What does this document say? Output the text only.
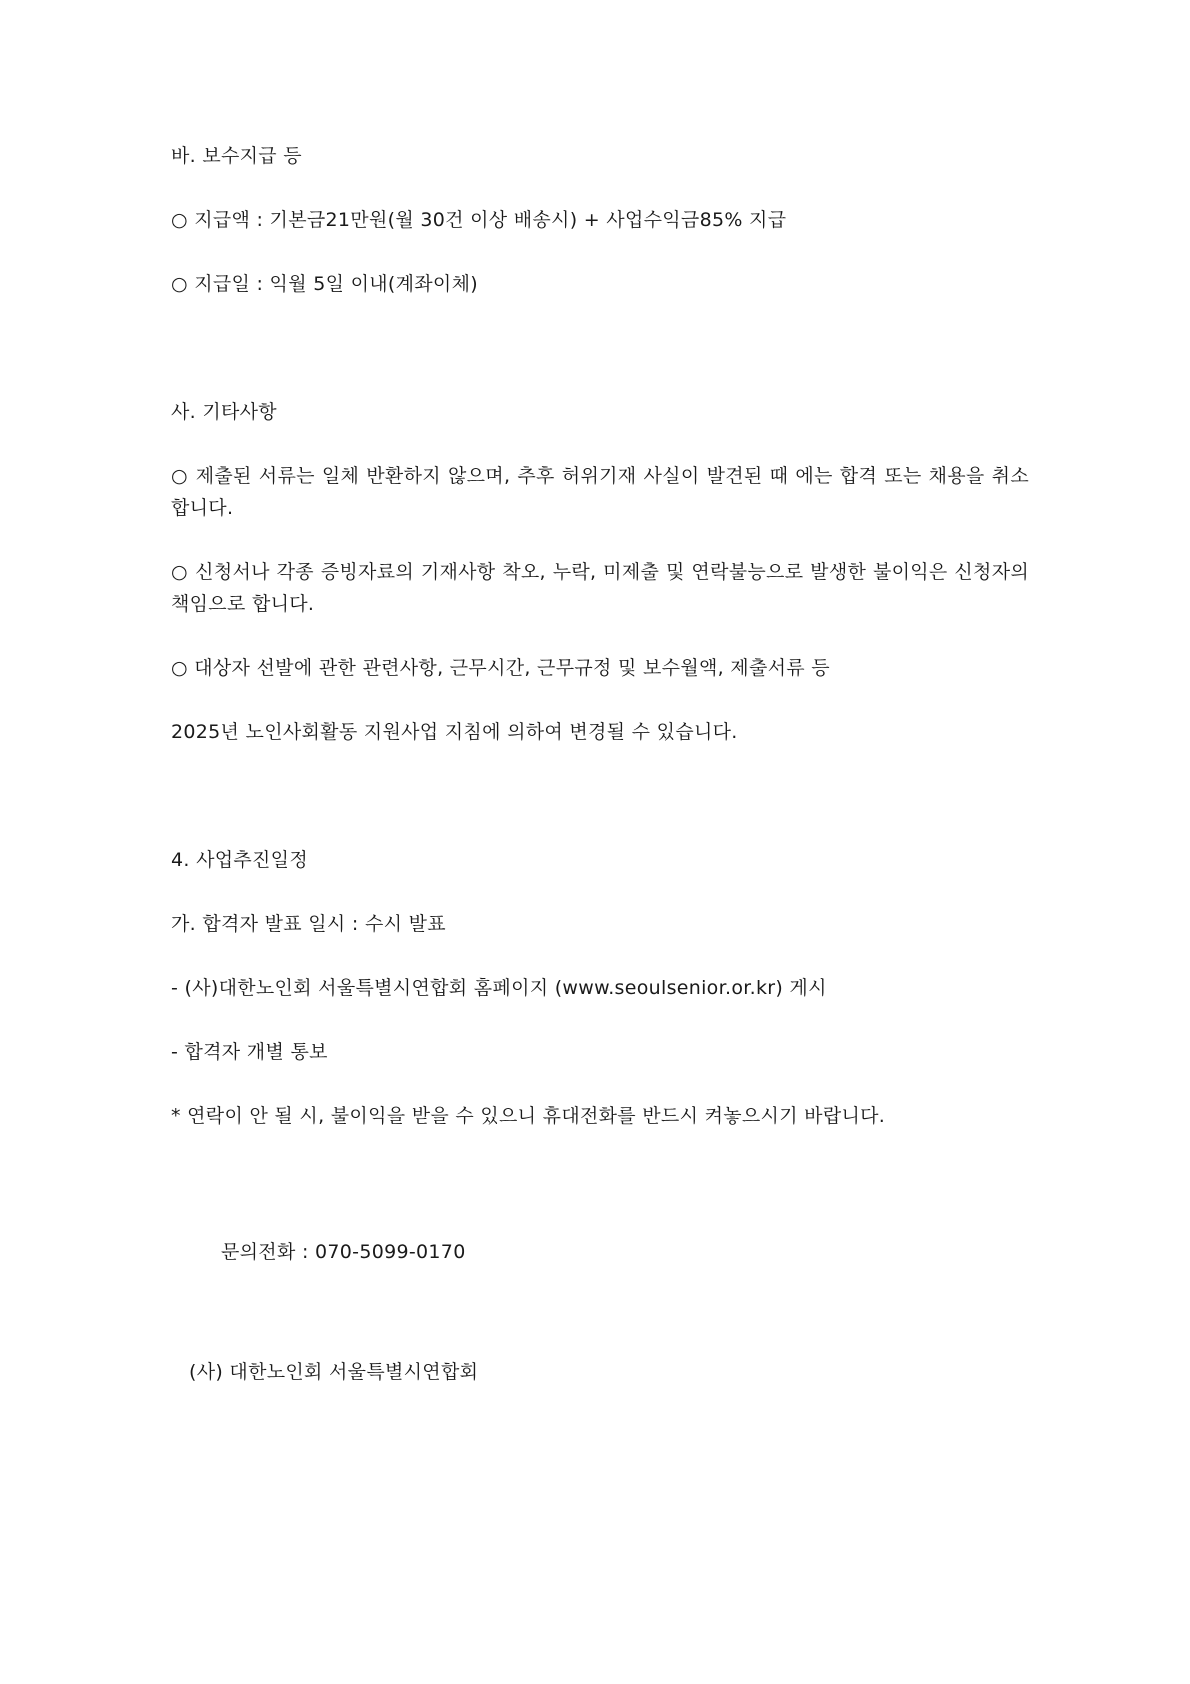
바. 보수지급 등
○ 지급액 : 기본금21만원(월 30건 이상 배송시) + 사업수익금85% 지급
○ 지급일 : 익월 5일 이내(계좌이체)
사. 기타사항
○ 제출된 서류는 일체 반환하지 않으며, 추후 허위기재 사실이 발견된 때 에는 합격 또는 채용을 취소합니다.
○ 신청서나 각종 증빙자료의 기재사항 착오, 누락, 미제출 및 연락불능으로 발생한 불이익은 신청자의 책임으로 합니다.
○ 대상자 선발에 관한 관련사항, 근무시간, 근무규정 및 보수월액, 제출서류 등
2025년 노인사회활동 지원사업 지침에 의하여 변경될 수 있습니다.
4. 사업추진일정
가. 합격자 발표 일시 : 수시 발표
- (사)대한노인회 서울특별시연합회 홈페이지 (www.seoulsenior.or.kr) 게시
- 합격자 개별 통보
* 연락이 안 될 시, 불이익을 받을 수 있으니 휴대전화를 반드시 켜놓으시기 바랍니다.
문의전화 : 070-5099-0170
(사) 대한노인회 서울특별시연합회
